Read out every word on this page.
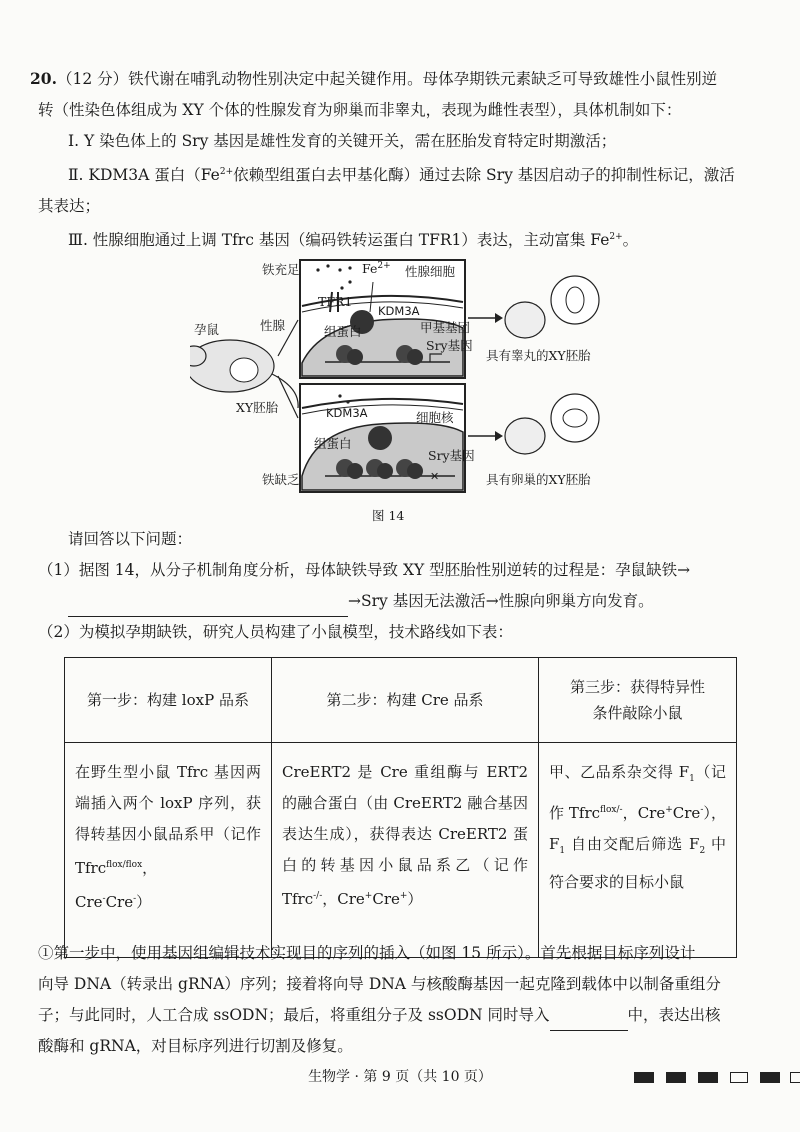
20.（12 分）铁代谢在哺乳动物性别决定中起关键作用。母体孕期铁元素缺乏可导致雄性小鼠性别逆
转（性染色体组成为 XY 个体的性腺发育为卵巢而非睾丸，表现为雌性表型），具体机制如下：
Ⅰ. Y 染色体上的 Sry 基因是雄性发育的关键开关，需在胚胎发育特定时期激活；
Ⅱ. KDM3A 蛋白（$Fe^{2+}$依赖型组蛋白去甲基化酶）通过去除 Sry 基因启动子的抑制性标记，激活
其表达；
Ⅲ. 性腺细胞通过上调 Tfrc 基因（编码铁转运蛋白 TFR1）表达，主动富集 $Fe^{2+}$。
✕
铁充足
铁缺乏
孕鼠	性腺
XY胚胎
$Fe^{2+}$ 性腺细胞
TFR1
KDM3A
组蛋白	甲基基团
Sry基因
KDM3A	细胞核
组蛋白
Sry基因
具有睾丸的XY胚胎
具有卵巢的XY胚胎
图 14
请回答以下问题：
（1）据图 14，从分子机制角度分析，母体缺铁导致 XY 型胚胎性别逆转的过程是：孕鼠缺铁→
→Sry 基因无法激活→性腺向卵巢方向发育。
（2）为模拟孕期缺铁，研究人员构建了小鼠模型，技术路线如下表：
第一步：构建 loxP 品系	第二步：构建 Cre 品系	第三步：获得特异性
条件敲除小鼠
在野生型小鼠 Tfrc 基因两端插入两个 loxP 序列，获得转基因小鼠品系甲（记作 Tfrc$^{flox/flox}$，
Cre-Cre-）	CreERT2 是 Cre 重组酶与 ERT2 的融合蛋白（由 CreERT2 融合基因表达生成），获得表达 CreERT2 蛋白的转基因小鼠品系乙（记作 Tfrc-/-，Cre+Cre+）	甲、乙品系杂交得 $F_1$（记作 Tfrc$^{flox/-}$，Cre+Cre-），$F_1$ 自由交配后筛选 $F_2$ 中符合要求的目标小鼠
①第一步中，使用基因组编辑技术实现目的序列的插入（如图 15 所示）。首先根据目标序列设计
向导 DNA（转录出 gRNA）序列；接着将向导 DNA 与核酸酶基因一起克隆到载体中以制备重组分
子；与此同时，人工合成 ssODN；最后，将重组分子及 ssODN 同时导入	中，表达出核
酸酶和 gRNA，对目标序列进行切割及修复。
生物学 · 第 9 页（共 10 页）
